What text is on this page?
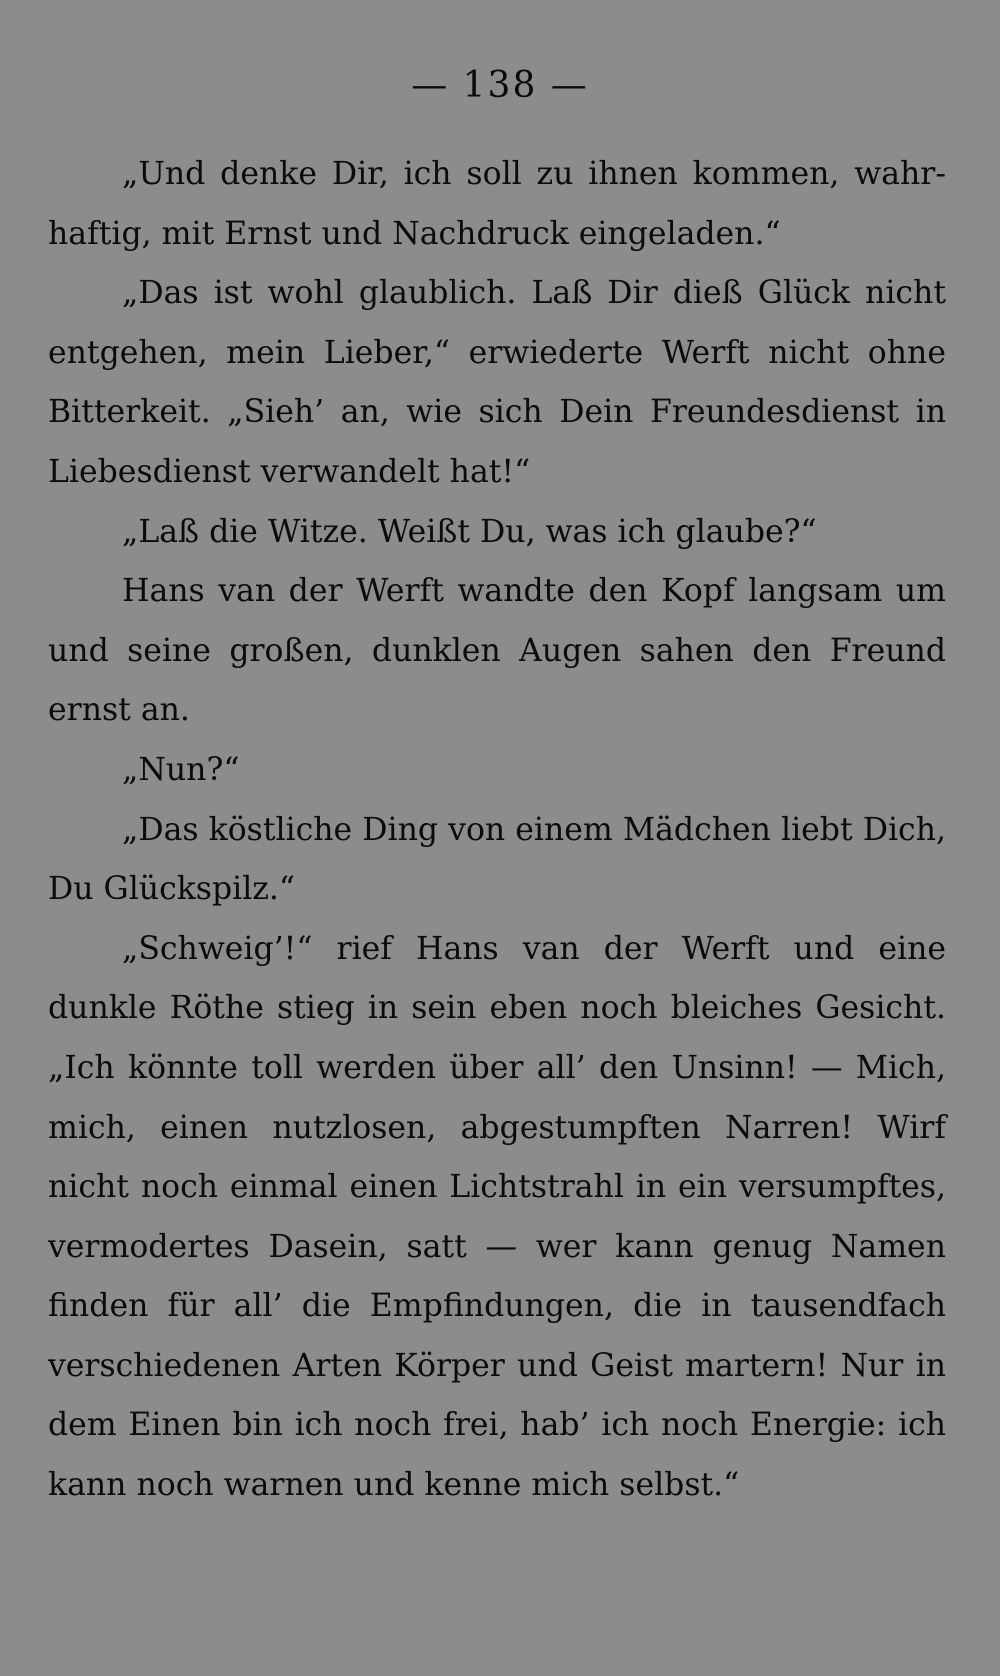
— 138 —

„Und denke Dir, ich soll zu ihnen kommen, wahrhaftig, mit Ernst und Nachdruck eingeladen.“

„Das ist wohl glaublich. Laß Dir dieß Glück nicht entgehen, mein Lieber,“ erwiederte Werft nicht ohne Bitterkeit. „Sieh’ an, wie sich Dein Freundesdienst in Liebesdienst verwandelt hat!“

„Laß die Witze. Weißt Du, was ich glaube?“

Hans van der Werft wandte den Kopf langsam um und seine großen, dunklen Augen sahen den Freund ernst an.

„Nun?“

„Das köstliche Ding von einem Mädchen liebt Dich, Du Glückspilz.“

„Schweig’!“ rief Hans van der Werft und eine dunkle Röthe stieg in sein eben noch bleiches Gesicht. „Ich könnte toll werden über all’ den Unsinn! — Mich, mich, einen nutzlosen, abgestumpften Narren! Wirf nicht noch einmal einen Lichtstrahl in ein versumpftes, vermodertes Dasein, satt — wer kann genug Namen finden für all’ die Empfindungen, die in tausendfach verschiedenen Arten Körper und Geist martern! Nur in dem Einen bin ich noch frei, hab’ ich noch Energie: ich kann noch warnen und kenne mich selbst.“
